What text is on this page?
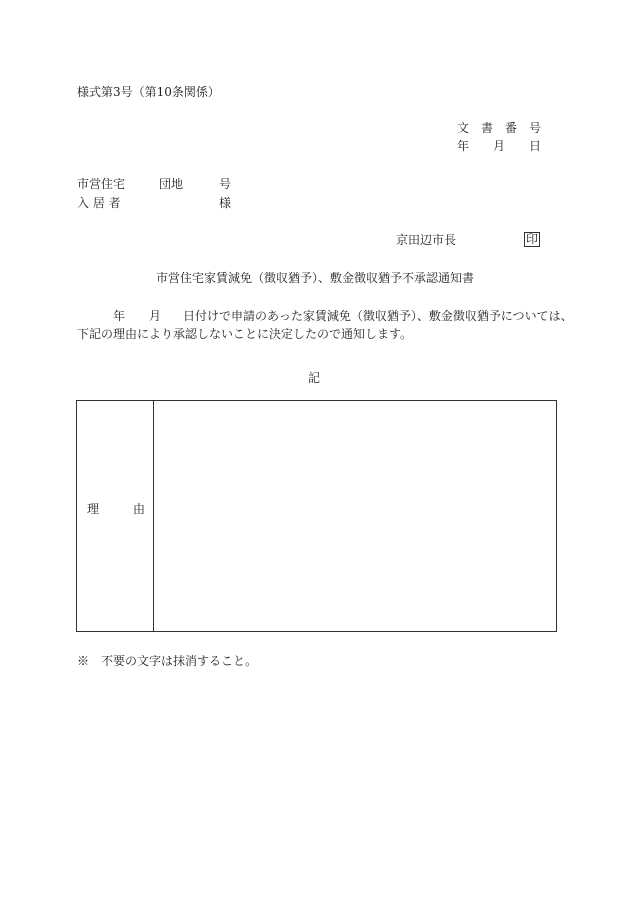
様式第3号（第10条関係）
文 書 番 号
年 月 日
市営住宅	団地	号
入 居 者	様
京田辺市長	印
市営住宅家賃減免（徴収猶予）、敷金徴収猶予不承認通知書
年 月 日付けで申請のあった家賃減免（徴収猶予）、敷金徴収猶予については、
下記の理由により承認しないことに決定したので通知します。
記
理	由
※　不要の文字は抹消すること。
